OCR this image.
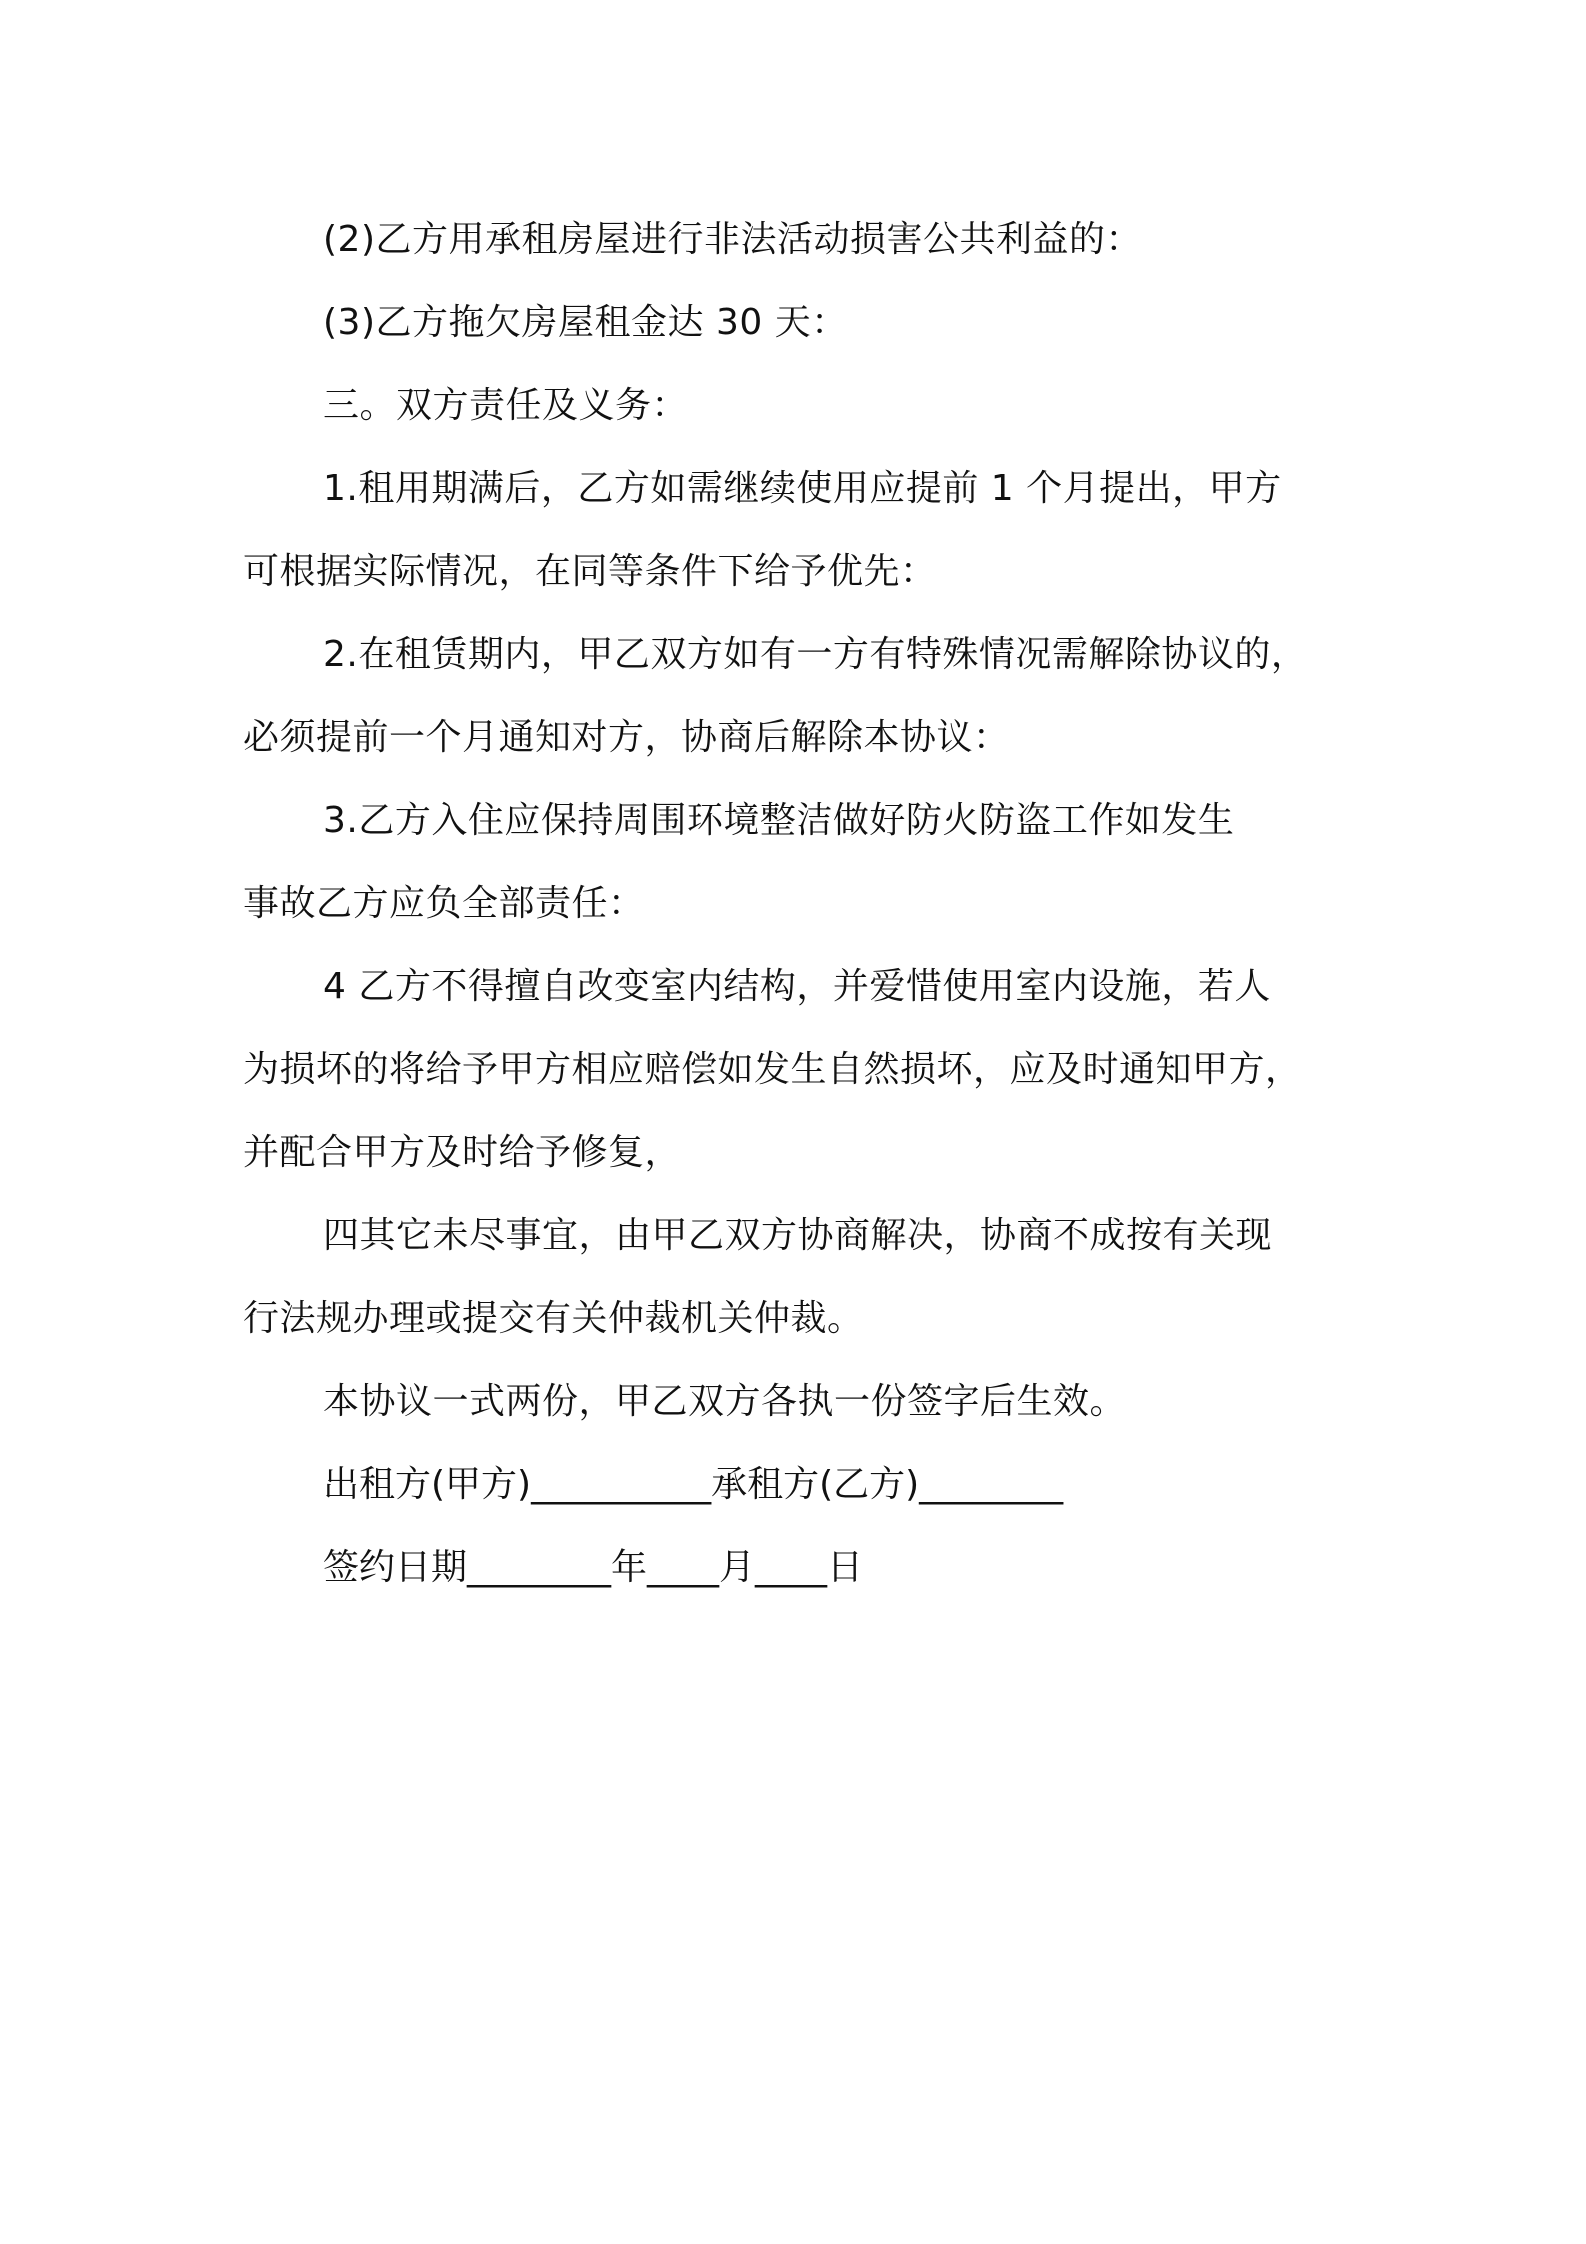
(2)乙方用承租房屋进行非法活动损害公共利益的：

(3)乙方拖欠房屋租金达 30 天：

三。双方责任及义务：

1.租用期满后，乙方如需继续使用应提前 1 个月提出，甲方
可根据实际情况，在同等条件下给予优先：

2.在租赁期内，甲乙双方如有一方有特殊情况需解除协议的，
必须提前一个月通知对方，协商后解除本协议：

3.乙方入住应保持周围环境整洁做好防火防盗工作如发生
事故乙方应负全部责任：

4 乙方不得擅自改变室内结构，并爱惜使用室内设施，若人
为损坏的将给予甲方相应赔偿如发生自然损坏，应及时通知甲方，
并配合甲方及时给予修复，

四其它未尽事宜，由甲乙双方协商解决，协商不成按有关现
行法规办理或提交有关仲裁机关仲裁。

本协议一式两份，甲乙双方各执一份签字后生效。

出租方(甲方)__________承租方(乙方)________

签约日期________年____月____日
